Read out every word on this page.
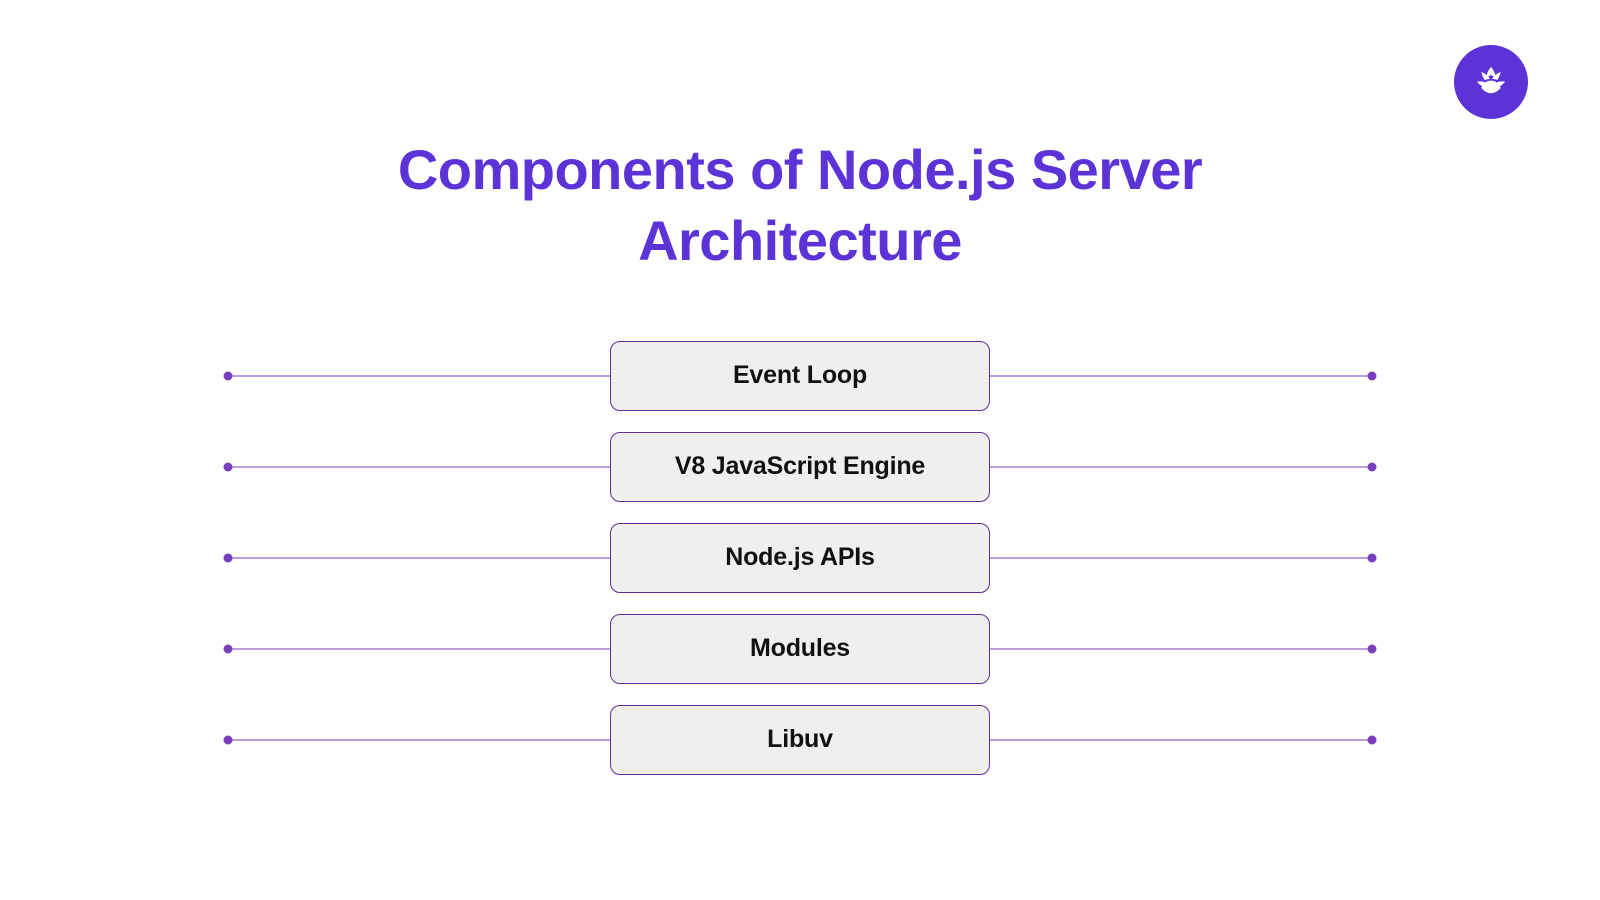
Components of Node.js Server Architecture
Event Loop
V8 JavaScript Engine
Node.js APIs
Modules
Libuv
